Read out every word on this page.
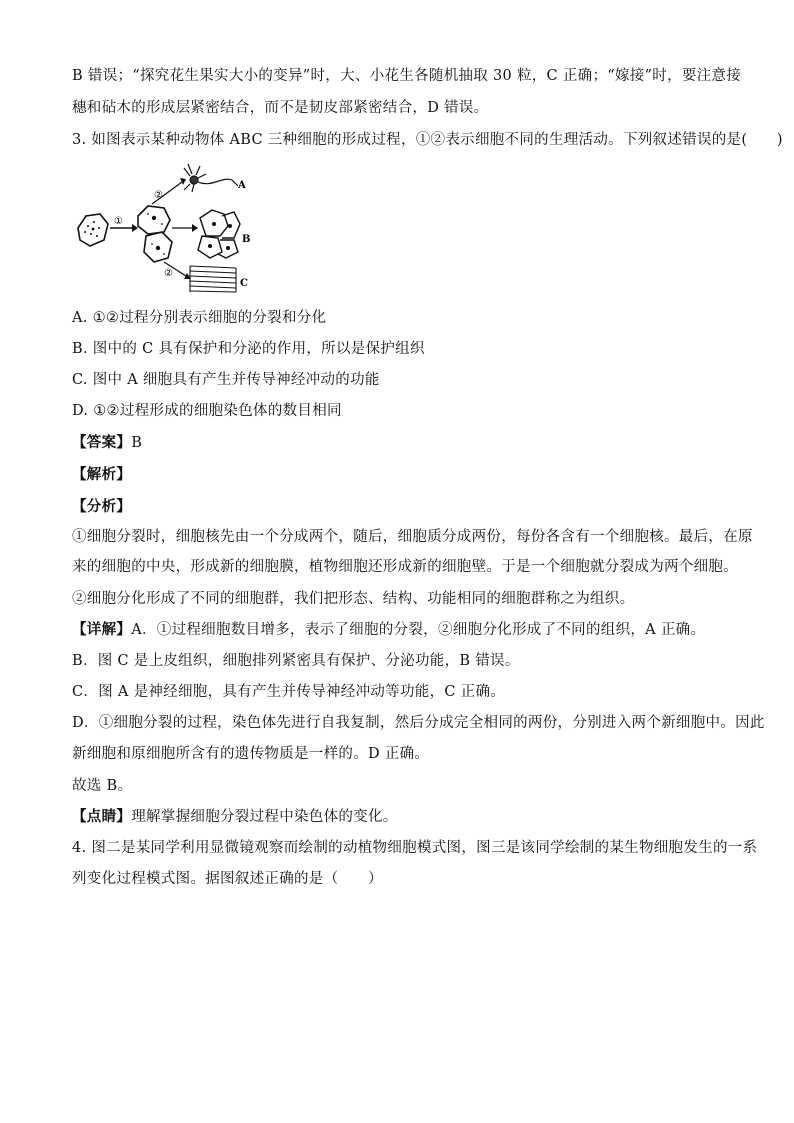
B 错误；“探究花生果实大小的变异”时，大、小花生各随机抽取 30 粒，C 正确；“嫁接”时，要注意接
穗和砧木的形成层紧密结合，而不是韧皮部紧密结合，D 错误。
3. 如图表示某种动物体 ABC 三种细胞的形成过程，①②表示细胞不同的生理活动。下列叙述错误的是(　　)
①
②
A
B
②
C
A. ①②过程分别表示细胞的分裂和分化
B. 图中的 C 具有保护和分泌的作用，所以是保护组织
C. 图中 A 细胞具有产生并传导神经冲动的功能
D. ①②过程形成的细胞染色体的数目相同
【答案】B
【解析】
【分析】
①细胞分裂时，细胞核先由一个分成两个，随后，细胞质分成两份，每份各含有一个细胞核。最后，在原
来的细胞的中央，形成新的细胞膜，植物细胞还形成新的细胞壁。于是一个细胞就分裂成为两个细胞。
②细胞分化形成了不同的细胞群，我们把形态、结构、功能相同的细胞群称之为组织。
【详解】A．①过程细胞数目增多，表示了细胞的分裂，②细胞分化形成了不同的组织，A 正确。
B．图 C 是上皮组织，细胞排列紧密具有保护、分泌功能，B 错误。
C．图 A 是神经细胞，具有产生并传导神经冲动等功能，C 正确。
D．①细胞分裂的过程，染色体先进行自我复制，然后分成完全相同的两份，分别进入两个新细胞中。因此
新细胞和原细胞所含有的遗传物质是一样的。D 正确。
故选 B。
【点睛】理解掌握细胞分裂过程中染色体的变化。
4. 图二是某同学利用显微镜观察而绘制的动植物细胞模式图，图三是该同学绘制的某生物细胞发生的一系
列变化过程模式图。据图叙述正确的是（　　）
